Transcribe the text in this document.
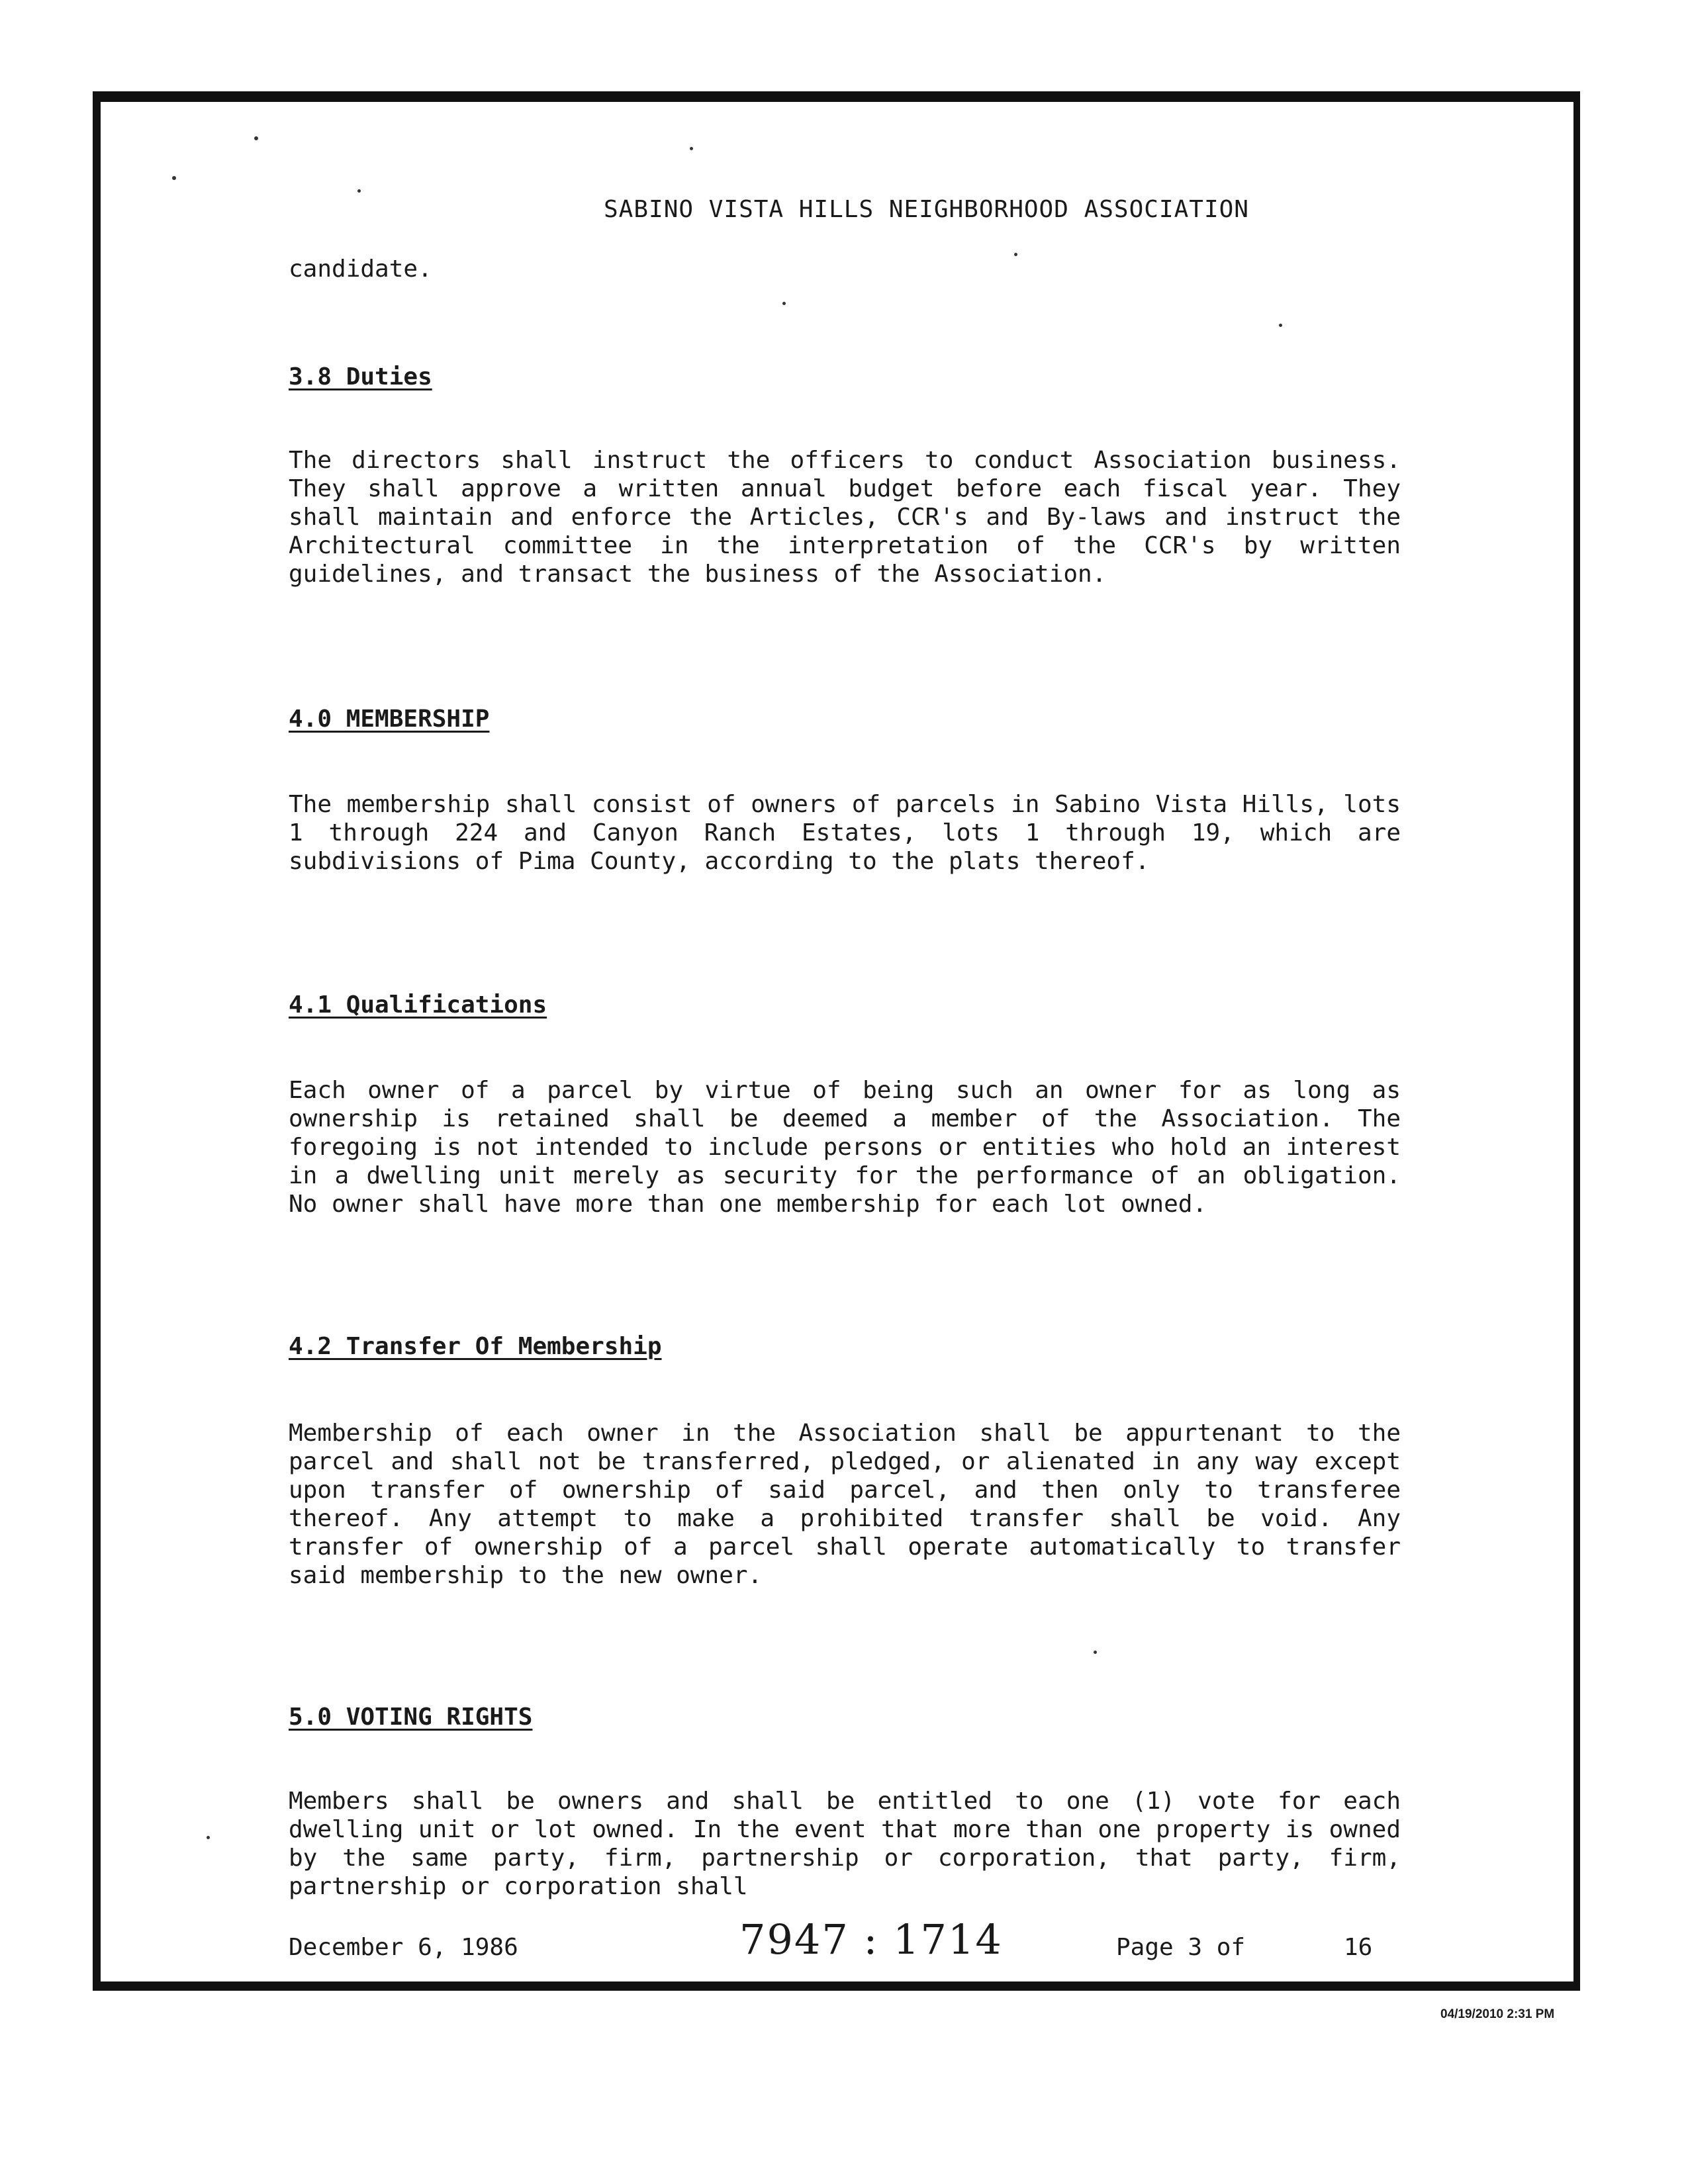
SABINO VISTA HILLS NEIGHBORHOOD ASSOCIATION
candidate.
3.8 Duties
The directors shall instruct the officers to conduct Association business. They shall approve a written annual budget before each fiscal year. They shall maintain and enforce the Articles, CCR's and By-laws and instruct the Architectural committee in the interpretation of the CCR's by written guidelines, and transact the business of the Association.
4.0 MEMBERSHIP
The membership shall consist of owners of parcels in Sabino Vista Hills, lots 1 through 224 and Canyon Ranch Estates, lots 1 through 19, which are subdivisions of Pima County, according to the plats thereof.
4.1 Qualifications
Each owner of a parcel by virtue of being such an owner for as long as ownership is retained shall be deemed a member of the Association. The foregoing is not intended to include persons or entities who hold an interest in a dwelling unit merely as security for the performance of an obligation. No owner shall have more than one membership for each lot owned.
4.2 Transfer Of Membership
Membership of each owner in the Association shall be appurtenant to the parcel and shall not be transferred, pledged, or alienated in any way except upon transfer of ownership of said parcel, and then only to transferee thereof. Any attempt to make a prohibited transfer shall be void. Any transfer of ownership of a parcel shall operate automatically to transfer said membership to the new owner.
5.0 VOTING RIGHTS
Members shall be owners and shall be entitled to one (1) vote for each dwelling unit or lot owned. In the event that more than one property is owned by the same party, firm, partnership or corporation, that party, firm, partnership or corporation shall
December 6, 1986	7947 : 1714	Page 3 of	16
04/19/2010 2:31 PM
